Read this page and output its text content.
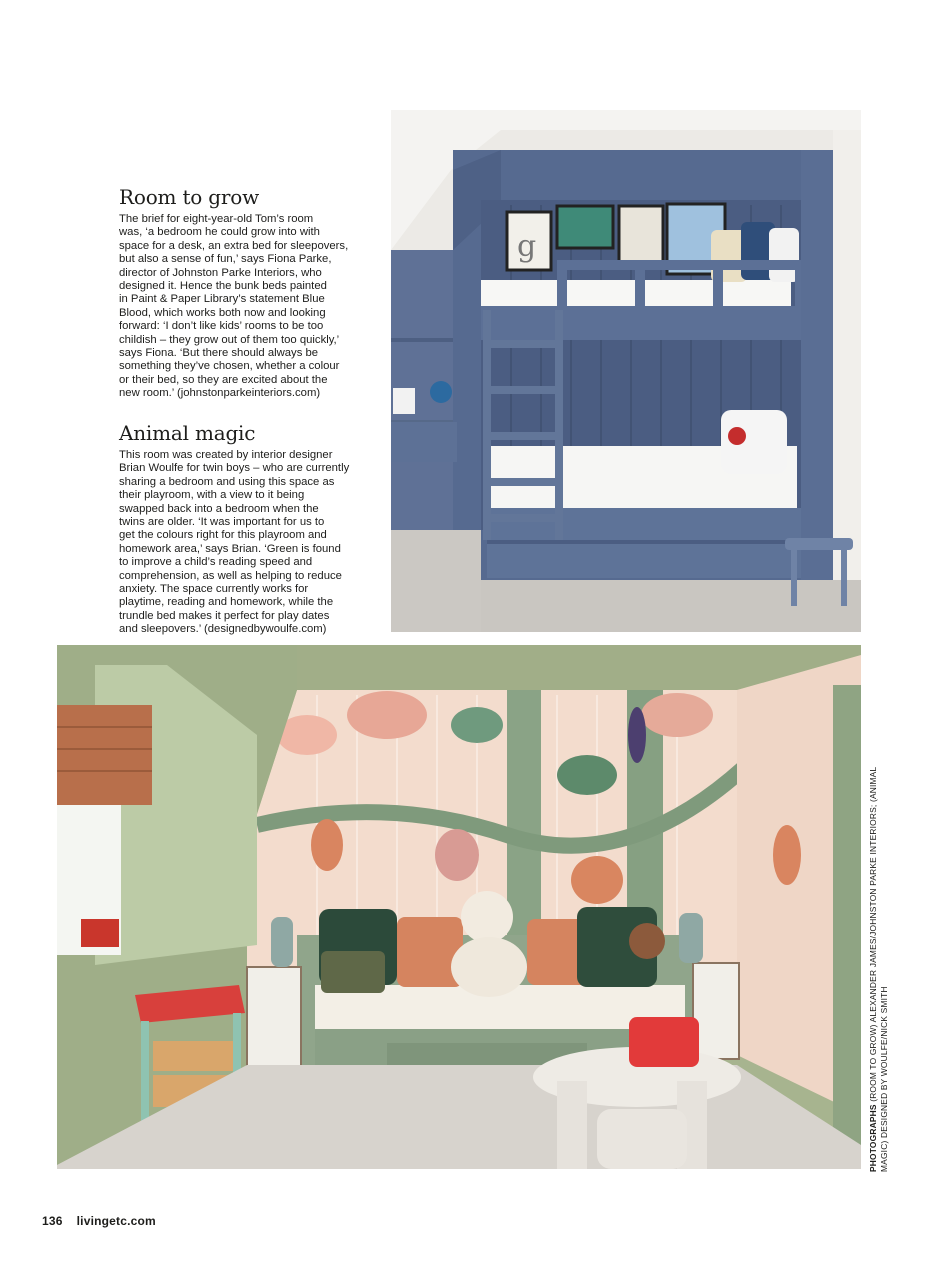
Room to grow

The brief for eight-year-old Tom’s room
was, ‘a bedroom he could grow into with
space for a desk, an extra bed for sleepovers,
but also a sense of fun,’ says Fiona Parke,
director of Johnston Parke Interiors, who
designed it. Hence the bunk beds painted
in Paint & Paper Library’s statement Blue
Blood, which works both now and looking
forward: ‘I don’t like kids’ rooms to be too
childish – they grow out of them too quickly,’
says Fiona. ‘But there should always be
something they’ve chosen, whether a colour
or their bed, so they are excited about the
new room.’ (johnstonparkeinteriors.com)

Animal magic

This room was created by interior designer
Brian Woulfe for twin boys – who are currently
sharing a bedroom and using this space as
their playroom, with a view to it being
swapped back into a bedroom when the
twins are older. ‘It was important for us to
get the colours right for this playroom and
homework area,’ says Brian. ‘Green is found
to improve a child’s reading speed and
comprehension, as well as helping to reduce
anxiety. The space currently works for
playtime, reading and homework, while the
trundle bed makes it perfect for play dates
and sleepovers.’ (designedbywoulfe.com)

g
PHOTOGRAPHS (ROOM TO GROW) ALEXANDER JAMES/JOHNSTON PARKE INTERIORS; (ANIMAL MAGIC) DESIGNED BY WOULFE/NICK SMITH
136 livingetc.com
